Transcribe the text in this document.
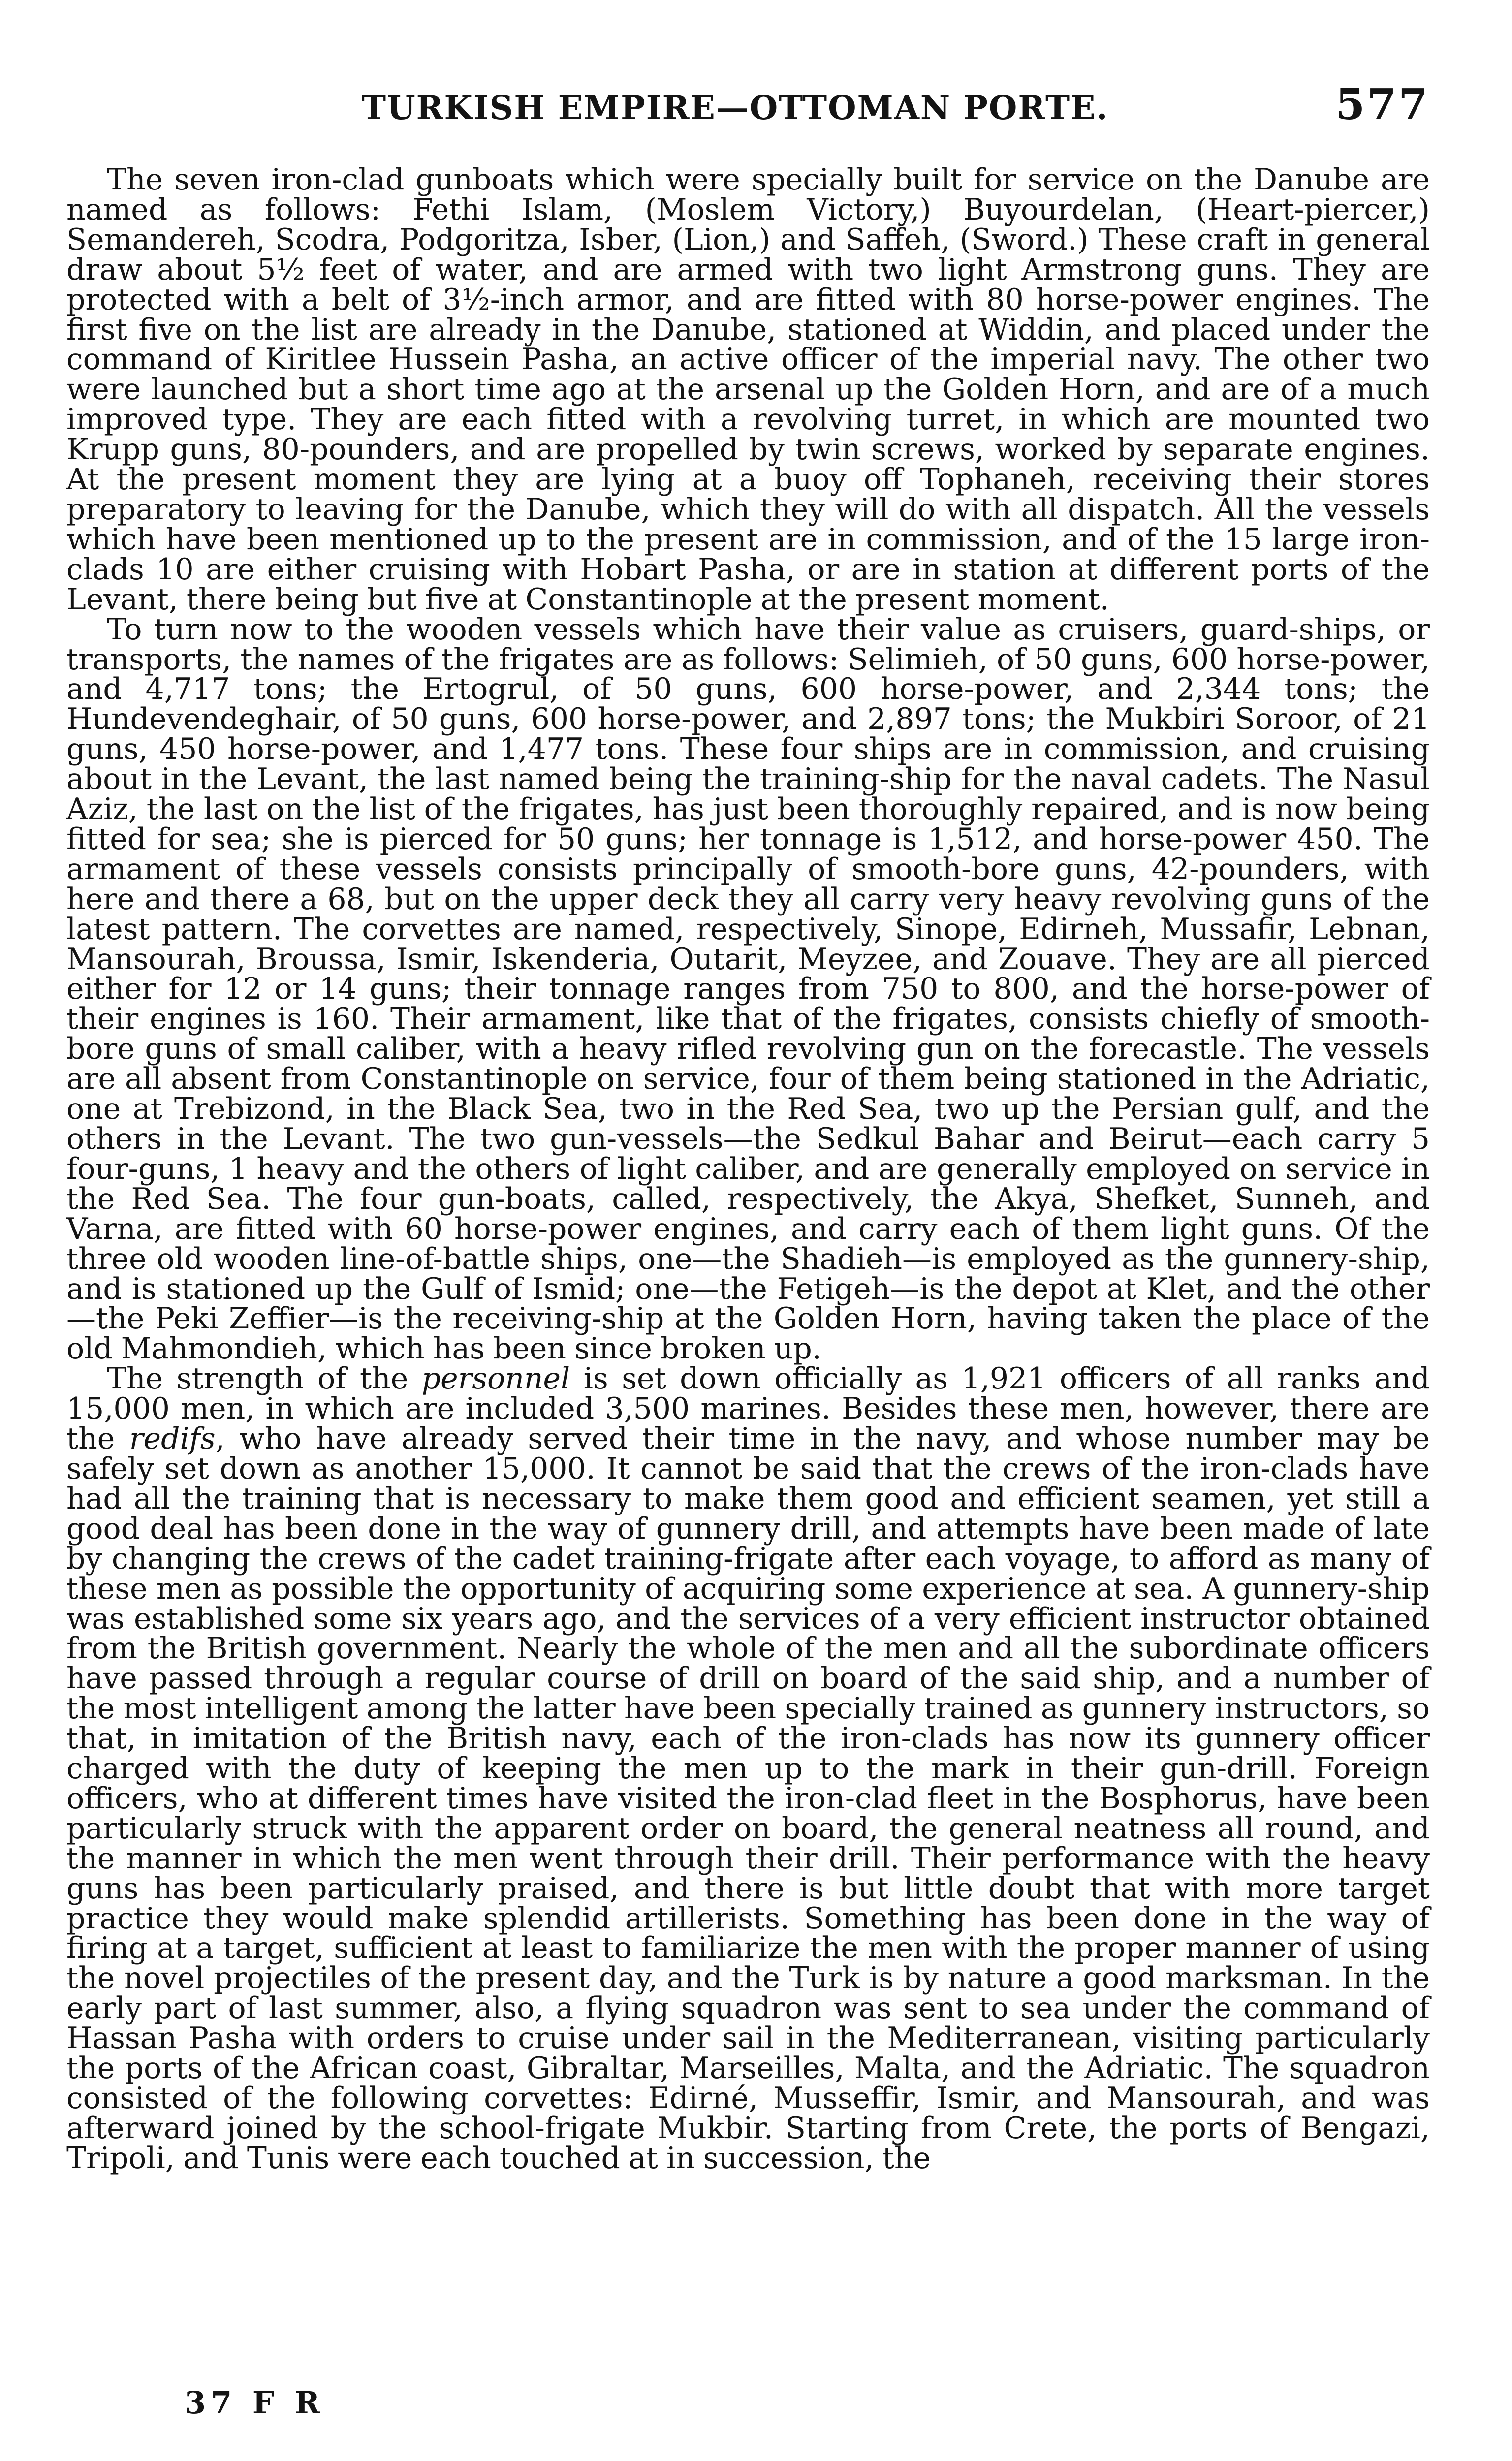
TURKISH EMPIRE—OTTOMAN PORTE.	577

The seven iron-clad gunboats which were specially built for service on the Danube are named as follows: Fethi Islam, (Moslem Victory,) Buyourdelan, (Heart-piercer,) Semandereh, Scodra, Podgoritza, Isber, (Lion,) and Saffeh, (Sword.) These craft in general draw about 5½ feet of water, and are armed with two light Armstrong guns. They are protected with a belt of 3½-inch armor, and are fitted with 80 horse-power engines. The first five on the list are already in the Danube, stationed at Widdin, and placed under the command of Kiritlee Hussein Pasha, an active officer of the imperial navy. The other two were launched but a short time ago at the arsenal up the Golden Horn, and are of a much improved type. They are each fitted with a revolving turret, in which are mounted two Krupp guns, 80-pounders, and are propelled by twin screws, worked by separate engines. At the present moment they are lying at a buoy off Tophaneh, receiving their stores preparatory to leaving for the Danube, which they will do with all dispatch. All the vessels which have been mentioned up to the present are in commission, and of the 15 large iron-clads 10 are either cruising with Hobart Pasha, or are in station at different ports of the Levant, there being but five at Constantinople at the present moment.

To turn now to the wooden vessels which have their value as cruisers, guard-ships, or transports, the names of the frigates are as follows: Selimieh, of 50 guns, 600 horse-power, and 4,717 tons; the Ertogrul, of 50 guns, 600 horse-power, and 2,344 tons; the Hundevendeghair, of 50 guns, 600 horse-power, and 2,897 tons; the Mukbiri Soroor, of 21 guns, 450 horse-power, and 1,477 tons. These four ships are in commission, and cruising about in the Levant, the last named being the training-ship for the naval cadets. The Nasul Aziz, the last on the list of the frigates, has just been thoroughly repaired, and is now being fitted for sea; she is pierced for 50 guns; her tonnage is 1,512, and horse-power 450. The armament of these vessels consists principally of smooth-bore guns, 42-pounders, with here and there a 68, but on the upper deck they all carry very heavy revolving guns of the latest pattern. The corvettes are named, respectively, Sinope, Edirneh, Mussafir, Lebnan, Mansourah, Broussa, Ismir, Iskenderia, Outarit, Meyzee, and Zouave. They are all pierced either for 12 or 14 guns; their tonnage ranges from 750 to 800, and the horse-power of their engines is 160. Their armament, like that of the frigates, consists chiefly of smooth-bore guns of small caliber, with a heavy rifled revolving gun on the forecastle. The vessels are all absent from Constantinople on service, four of them being stationed in the Adriatic, one at Trebizond, in the Black Sea, two in the Red Sea, two up the Persian gulf, and the others in the Levant. The two gun-vessels—the Sedkul Bahar and Beirut—each carry 5 four-guns, 1 heavy and the others of light caliber, and are generally employed on service in the Red Sea. The four gun-boats, called, respectively, the Akya, Shefket, Sunneh, and Varna, are fitted with 60 horse-power engines, and carry each of them light guns. Of the three old wooden line-of-battle ships, one—the Shadieh—is employed as the gunnery-ship, and is stationed up the Gulf of Ismid; one—the Fetigeh—is the depot at Klet, and the other—the Peki Zeffier—is the receiving-ship at the Golden Horn, having taken the place of the old Mahmondieh, which has been since broken up.

The strength of the personnel is set down officially as 1,921 officers of all ranks and 15,000 men, in which are included 3,500 marines. Besides these men, however, there are the redifs, who have already served their time in the navy, and whose number may be safely set down as another 15,000. It cannot be said that the crews of the iron-clads have had all the training that is necessary to make them good and efficient seamen, yet still a good deal has been done in the way of gunnery drill, and attempts have been made of late by changing the crews of the cadet training-frigate after each voyage, to afford as many of these men as possible the opportunity of acquiring some experience at sea. A gunnery-ship was established some six years ago, and the services of a very efficient instructor obtained from the British government. Nearly the whole of the men and all the subordinate officers have passed through a regular course of drill on board of the said ship, and a number of the most intelligent among the latter have been specially trained as gunnery instructors, so that, in imitation of the British navy, each of the iron-clads has now its gunnery officer charged with the duty of keeping the men up to the mark in their gun-drill. Foreign officers, who at different times have visited the iron-clad fleet in the Bosphorus, have been particularly struck with the apparent order on board, the general neatness all round, and the manner in which the men went through their drill. Their performance with the heavy guns has been particularly praised, and there is but little doubt that with more target practice they would make splendid artillerists. Something has been done in the way of firing at a target, sufficient at least to familiarize the men with the proper manner of using the novel projectiles of the present day, and the Turk is by nature a good marksman. In the early part of last summer, also, a flying squadron was sent to sea under the command of Hassan Pasha with orders to cruise under sail in the Mediterranean, visiting particularly the ports of the African coast, Gibraltar, Marseilles, Malta, and the Adriatic. The squadron consisted of the following corvettes: Edirné, Musseffir, Ismir, and Mansourah, and was afterward joined by the school-frigate Mukbir. Starting from Crete, the ports of Bengazi, Tripoli, and Tunis were each touched at in succession, the

37 F R
